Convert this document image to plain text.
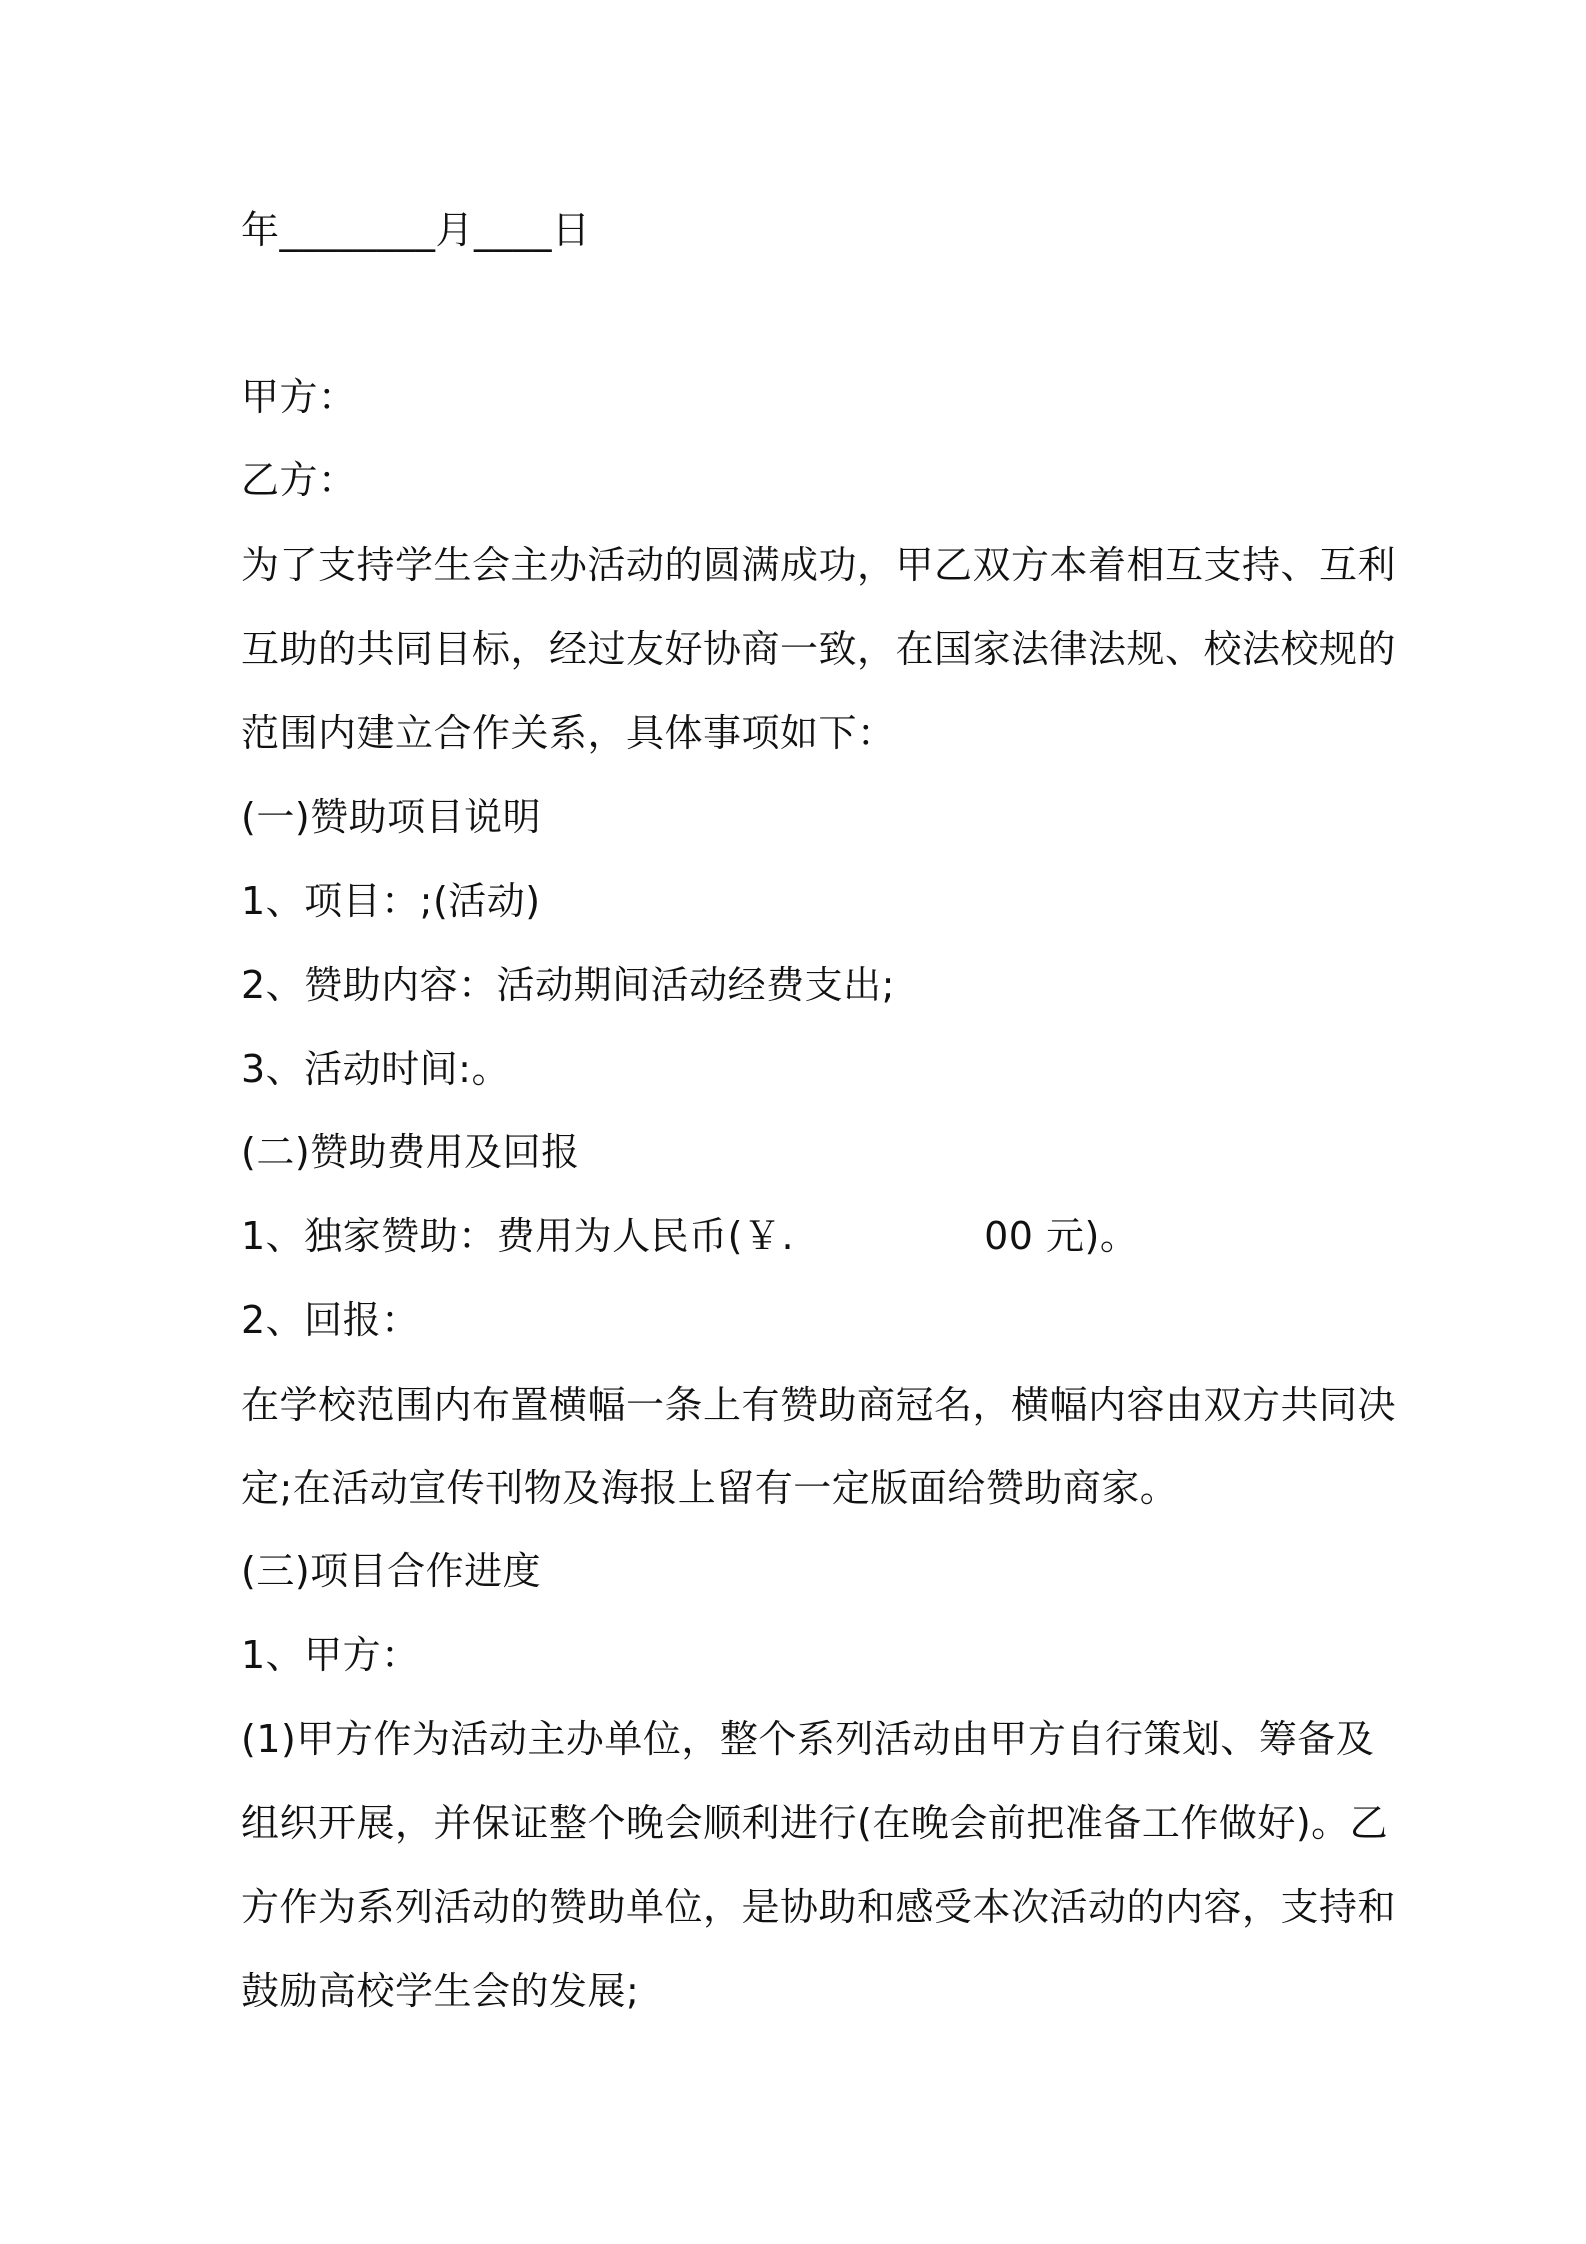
年________月____日
甲方：
乙方：
为了支持学生会主办活动的圆满成功，甲乙双方本着相互支持、互利
互助的共同目标，经过友好协商一致，在国家法律法规、校法校规的
范围内建立合作关系，具体事项如下：
(一)赞助项目说明
1、项目：;(活动)
2、赞助内容：活动期间活动经费支出;
3、活动时间:。
(二)赞助费用及回报
1、独家赞助：费用为人民币(￥.	00 元)。
2、回报：
在学校范围内布置横幅一条上有赞助商冠名，横幅内容由双方共同决
定;在活动宣传刊物及海报上留有一定版面给赞助商家。
(三)项目合作进度
1、甲方：
(1)甲方作为活动主办单位，整个系列活动由甲方自行策划、筹备及
组织开展，并保证整个晚会顺利进行(在晚会前把准备工作做好)。乙
方作为系列活动的赞助单位，是协助和感受本次活动的内容，支持和
鼓励高校学生会的发展;
